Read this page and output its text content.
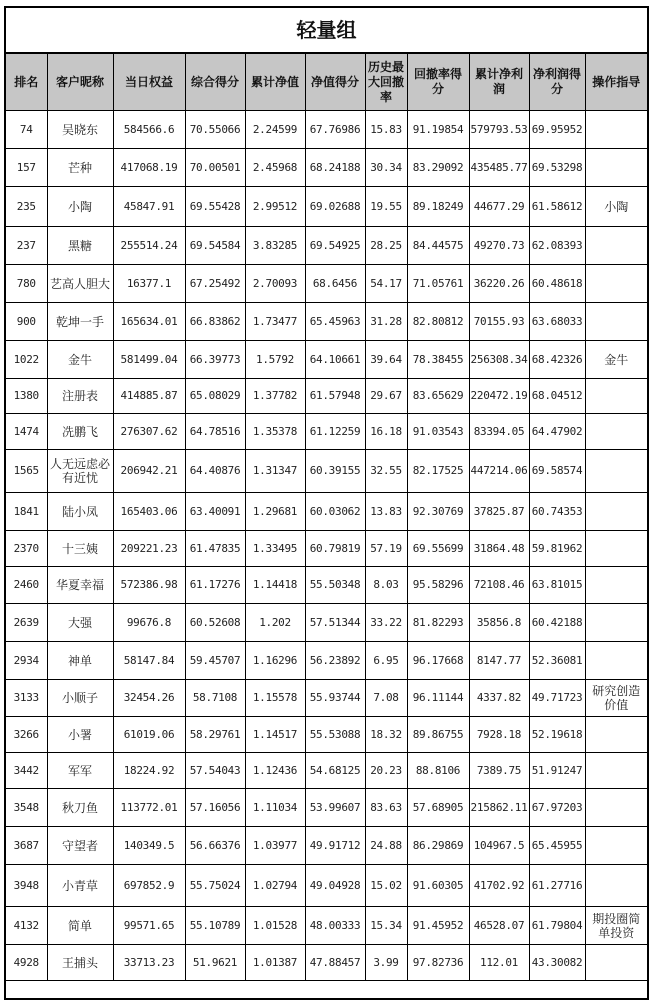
轻量组
排名	客户昵称	当日权益	综合得分	累计净值	净值得分	历史最大回撤率	回撤率得分	累计净利润	净利润得分	操作指导
74	吴晓东	584566.6	70.55066	2.24599	67.76986	15.83	91.19854	579793.53	69.95952	
157	芒种	417068.19	70.00501	2.45968	68.24188	30.34	83.29092	435485.77	69.53298	
235	小陶	45847.91	69.55428	2.99512	69.02688	19.55	89.18249	44677.29	61.58612	小陶
237	黑糖	255514.24	69.54584	3.83285	69.54925	28.25	84.44575	49270.73	62.08393	
780	艺高人胆大	16377.1	67.25492	2.70093	68.6456	54.17	71.05761	36220.26	60.48618	
900	乾坤一手	165634.01	66.83862	1.73477	65.45963	31.28	82.80812	70155.93	63.68033	
1022	金牛	581499.04	66.39773	1.5792	64.10661	39.64	78.38455	256308.34	68.42326	金牛
1380	注册表	414885.87	65.08029	1.37782	61.57948	29.67	83.65629	220472.19	68.04512	
1474	冼鹏飞	276307.62	64.78516	1.35378	61.12259	16.18	91.03543	83394.05	64.47902	
1565	人无远虑必有近忧	206942.21	64.40876	1.31347	60.39155	32.55	82.17525	447214.06	69.58574	
1841	陆小凤	165403.06	63.40091	1.29681	60.03062	13.83	92.30769	37825.87	60.74353	
2370	十三姨	209221.23	61.47835	1.33495	60.79819	57.19	69.55699	31864.48	59.81962	
2460	华夏幸福	572386.98	61.17276	1.14418	55.50348	8.03	95.58296	72108.46	63.81015	
2639	大强	99676.8	60.52608	1.202	57.51344	33.22	81.82293	35856.8	60.42188	
2934	神单	58147.84	59.45707	1.16296	56.23892	6.95	96.17668	8147.77	52.36081	
3133	小顺子	32454.26	58.7108	1.15578	55.93744	7.08	96.11144	4337.82	49.71723	研究创造价值
3266	小署	61019.06	58.29761	1.14517	55.53088	18.32	89.86755	7928.18	52.19618	
3442	军军	18224.92	57.54043	1.12436	54.68125	20.23	88.8106	7389.75	51.91247	
3548	秋刀鱼	113772.01	57.16056	1.11034	53.99607	83.63	57.68905	215862.11	67.97203	
3687	守望者	140349.5	56.66376	1.03977	49.91712	24.88	86.29869	104967.5	65.45955	
3948	小青草	697852.9	55.75024	1.02794	49.04928	15.02	91.60305	41702.92	61.27716	
4132	简单	99571.65	55.10789	1.01528	48.00333	15.34	91.45952	46528.07	61.79804	期投圈简单投资
4928	王捕头	33713.23	51.9621	1.01387	47.88457	3.99	97.82736	112.01	43.30082	
